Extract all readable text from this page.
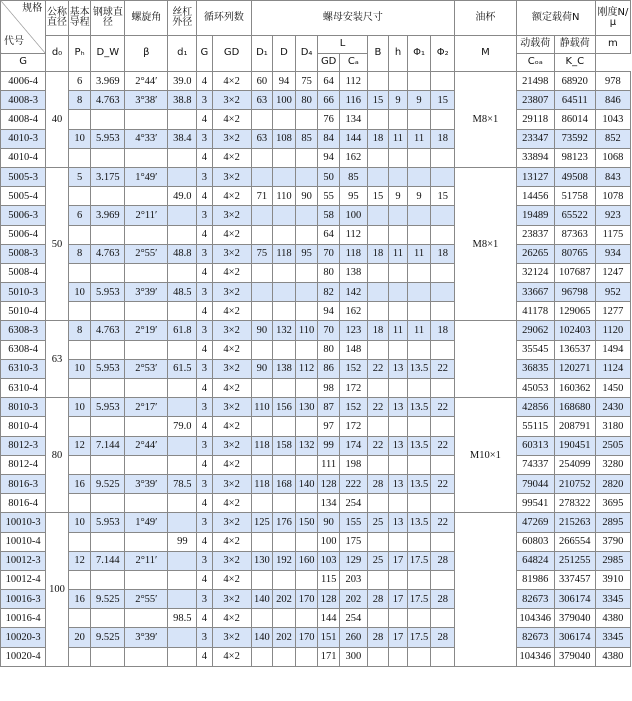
规格
代号	公称直径	基本导程	钢球直径	螺旋角	丝杠外径	循环列数		螺母安装尺寸									油杯	额定载荷N		刚度N/μ
	d₀	Pₕ	D_W	β	d₁	G	GD	D₁	D	D₄	L		B	h	Φ₁	Φ₂	M	动载荷	静载荷	m
G											GD	Cₐ						Cₒₐ	K_C	
4006-4	40	6	3.969	2°44′	39.0	4	4×2	60	94	75	64	112					M8×1	21498	68920	978
4008-3		8	4.763	3°38′	38.8	3	3×2	63	100	80	66	116	15	9	9	15		23807	64511	846
4008-4						4	4×2				76	134						29118	86014	1043
4010-3		10	5.953	4°33′	38.4	3	3×2	63	108	85	84	144	18	11	11	18		23347	73592	852
4010-4						4	4×2				94	162						33894	98123	1068
5005-3	50	5	3.175	1°49′		3	3×2				50	85					M8×1	13127	49508	843
5005-4					49.0	4	4×2	71	110	90	55	95	15	9	9	15		14456	51758	1078
5006-3		6	3.969	2°11′		3	3×2				58	100						19489	65522	923
5006-4						4	4×2				64	112						23837	87363	1175
5008-3		8	4.763	2°55′	48.8	3	3×2	75	118	95	70	118	18	11	11	18		26265	80765	934
5008-4						4	4×2				80	138						32124	107687	1247
5010-3		10	5.953	3°39′	48.5	3	3×2				82	142						33667	96798	952
5010-4						4	4×2				94	162						41178	129065	1277
6308-3	63	8	4.763	2°19′	61.8	3	3×2	90	132	110	70	123	18	11	11	18		29062	102403	1120
6308-4						4	4×2				80	148						35545	136537	1494
6310-3		10	5.953	2°53′	61.5	3	3×2	90	138	112	86	152	22	13	13.5	22		36835	120271	1124
6310-4						4	4×2				98	172						45053	160362	1450
8010-3	80	10	5.953	2°17′		3	3×2	110	156	130	87	152	22	13	13.5	22	M10×1	42856	168680	2430
8010-4					79.0	4	4×2				97	172						55115	208791	3180
8012-3		12	7.144	2°44′		3	3×2	118	158	132	99	174	22	13	13.5	22		60313	190451	2505
8012-4						4	4×2				111	198						74337	254099	3280
8016-3		16	9.525	3°39′	78.5	3	3×2	118	168	140	128	222	28	13	13.5	22		79044	210752	2820
8016-4						4	4×2				134	254						99541	278322	3695
10010-3	100	10	5.953	1°49′		3	3×2	125	176	150	90	155	25	13	13.5	22		47269	215263	2895
10010-4					99	4	4×2				100	175						60803	266554	3790
10012-3		12	7.144	2°11′		3	3×2	130	192	160	103	129	25	17	17.5	28		64824	251255	2985
10012-4						4	4×2				115	203						81986	337457	3910
10016-3		16	9.525	2°55′		3	3×2	140	202	170	128	202	28	17	17.5	28		82673	306174	3345
10016-4					98.5	4	4×2				144	254						104346	379040	4380
10020-3		20	9.525	3°39′		3	3×2	140	202	170	151	260	28	17	17.5	28		82673	306174	3345
10020-4						4	4×2				171	300						104346	379040	4380
